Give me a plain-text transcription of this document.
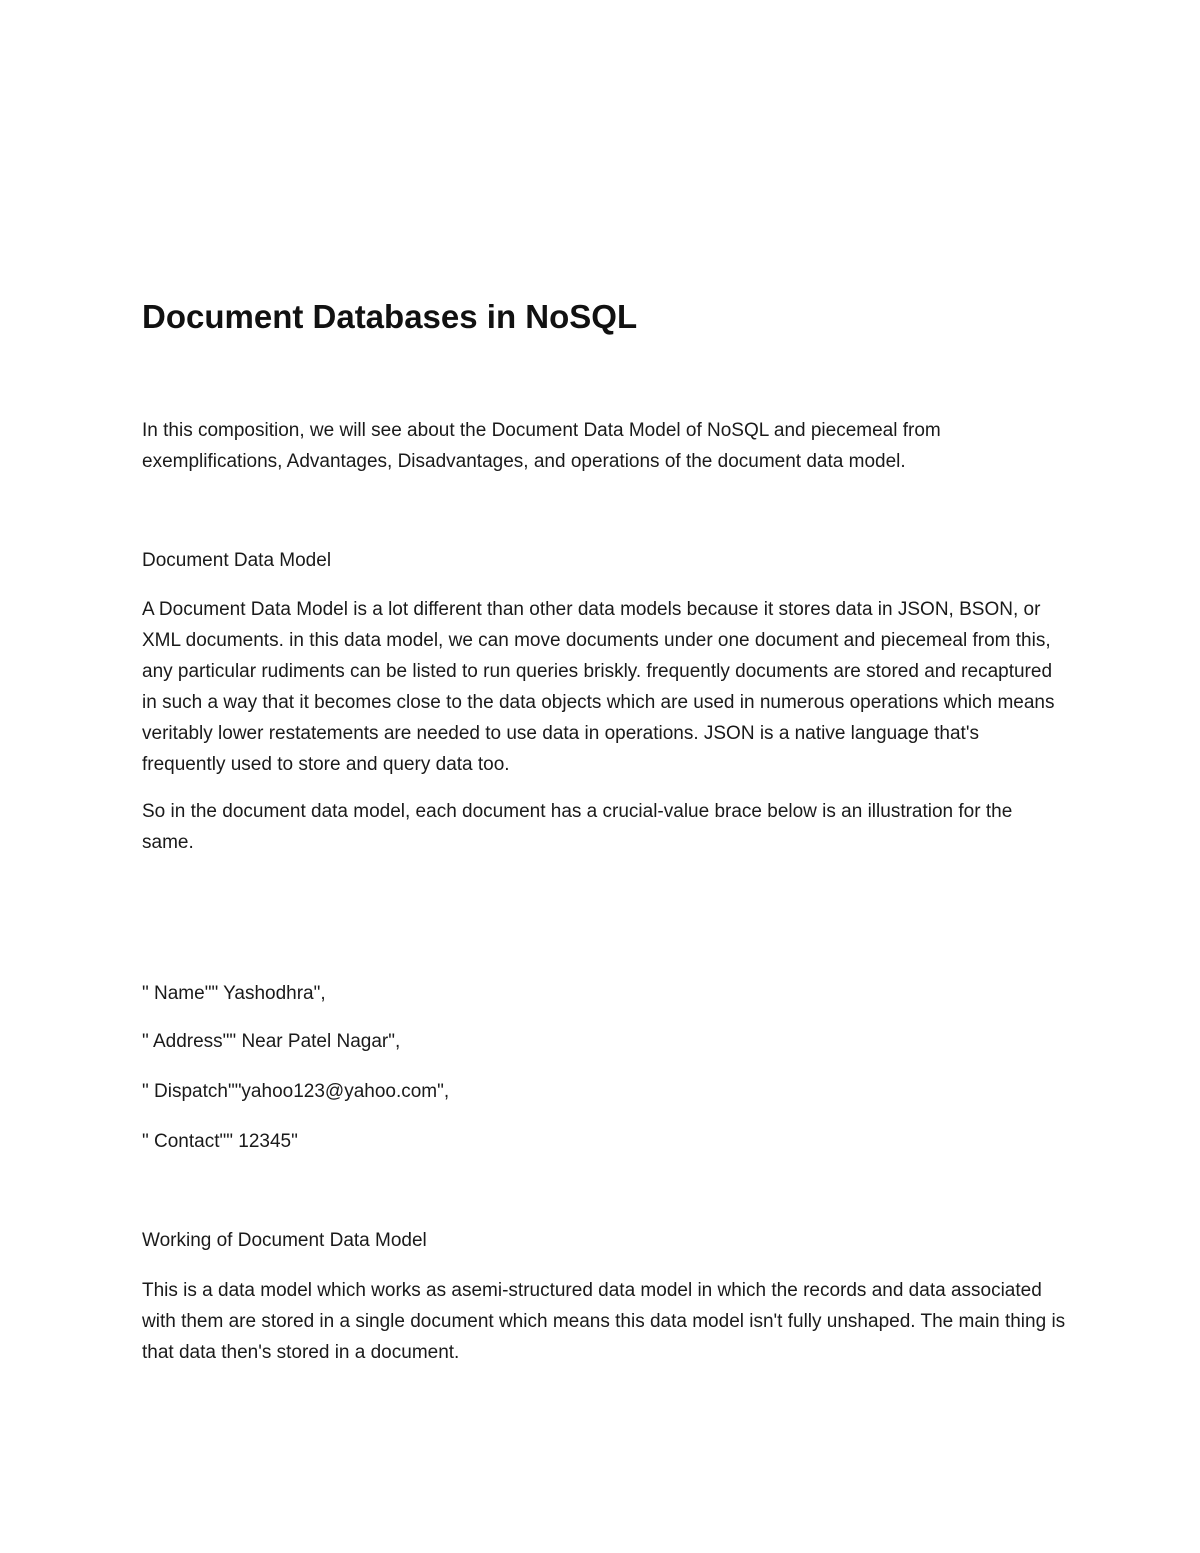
Document Databases in NoSQL

In this composition, we will see about the Document Data Model of NoSQL and piecemeal from exemplifications, Advantages, Disadvantages, and operations of the document data model.

Document Data Model

A Document Data Model is a lot different than other data models because it stores data in JSON, BSON, or XML documents. in this data model, we can move documents under one document and piecemeal from this, any particular rudiments can be listed to run queries briskly. frequently documents are stored and recaptured in such a way that it becomes close to the data objects which are used in numerous operations which means veritably lower restatements are needed to use data in operations. JSON is a native language that's frequently used to store and query data too.

So in the document data model, each document has a crucial-value brace below is an illustration for the same.

" Name"" Yashodhra",

" Address"" Near Patel Nagar",

" Dispatch""yahoo123@yahoo.com",

" Contact"" 12345"

Working of Document Data Model

This is a data model which works as asemi-structured data model in which the records and data associated with them are stored in a single document which means this data model isn't fully unshaped. The main thing is that data then's stored in a document.
